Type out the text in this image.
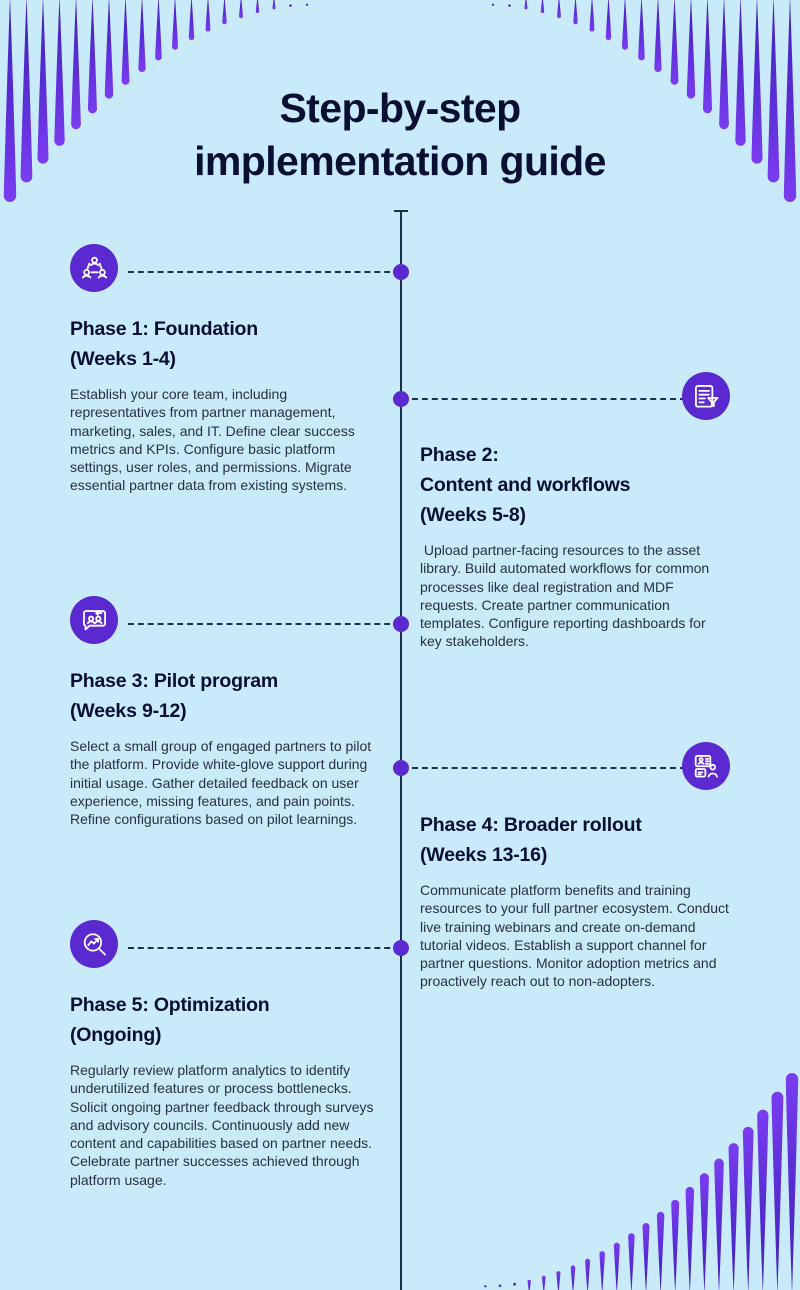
Step-by-step
implementation guide
Phase 1: Foundation
(Weeks 1-4)
Establish your core team, including representatives from partner management, marketing, sales, and IT. Define clear success metrics and KPIs. Configure basic platform settings, user roles, and permissions. Migrate essential partner data from existing systems.
Phase 2:
Content and workflows
(Weeks 5-8)
Upload partner-facing resources to the asset library. Build automated workflows for common processes like deal registration and MDF requests. Create partner communication templates. Configure reporting dashboards for key stakeholders.
Phase 3: Pilot program
(Weeks 9-12)
Select a small group of engaged partners to pilot the platform. Provide white-glove support during initial usage. Gather detailed feedback on user experience, missing features, and pain points. Refine configurations based on pilot learnings.	Phase 4: Broader rollout
(Weeks 13-16)
Communicate platform benefits and training resources to your full partner ecosystem. Conduct live training webinars and create on-demand tutorial videos. Establish a support channel for partner questions. Monitor adoption metrics and proactively reach out to non-adopters.
Phase 5: Optimization
(Ongoing)
Regularly review platform analytics to identify underutilized features or process bottlenecks. Solicit ongoing partner feedback through surveys and advisory councils. Continuously add new content and capabilities based on partner needs. Celebrate partner successes achieved through platform usage.
